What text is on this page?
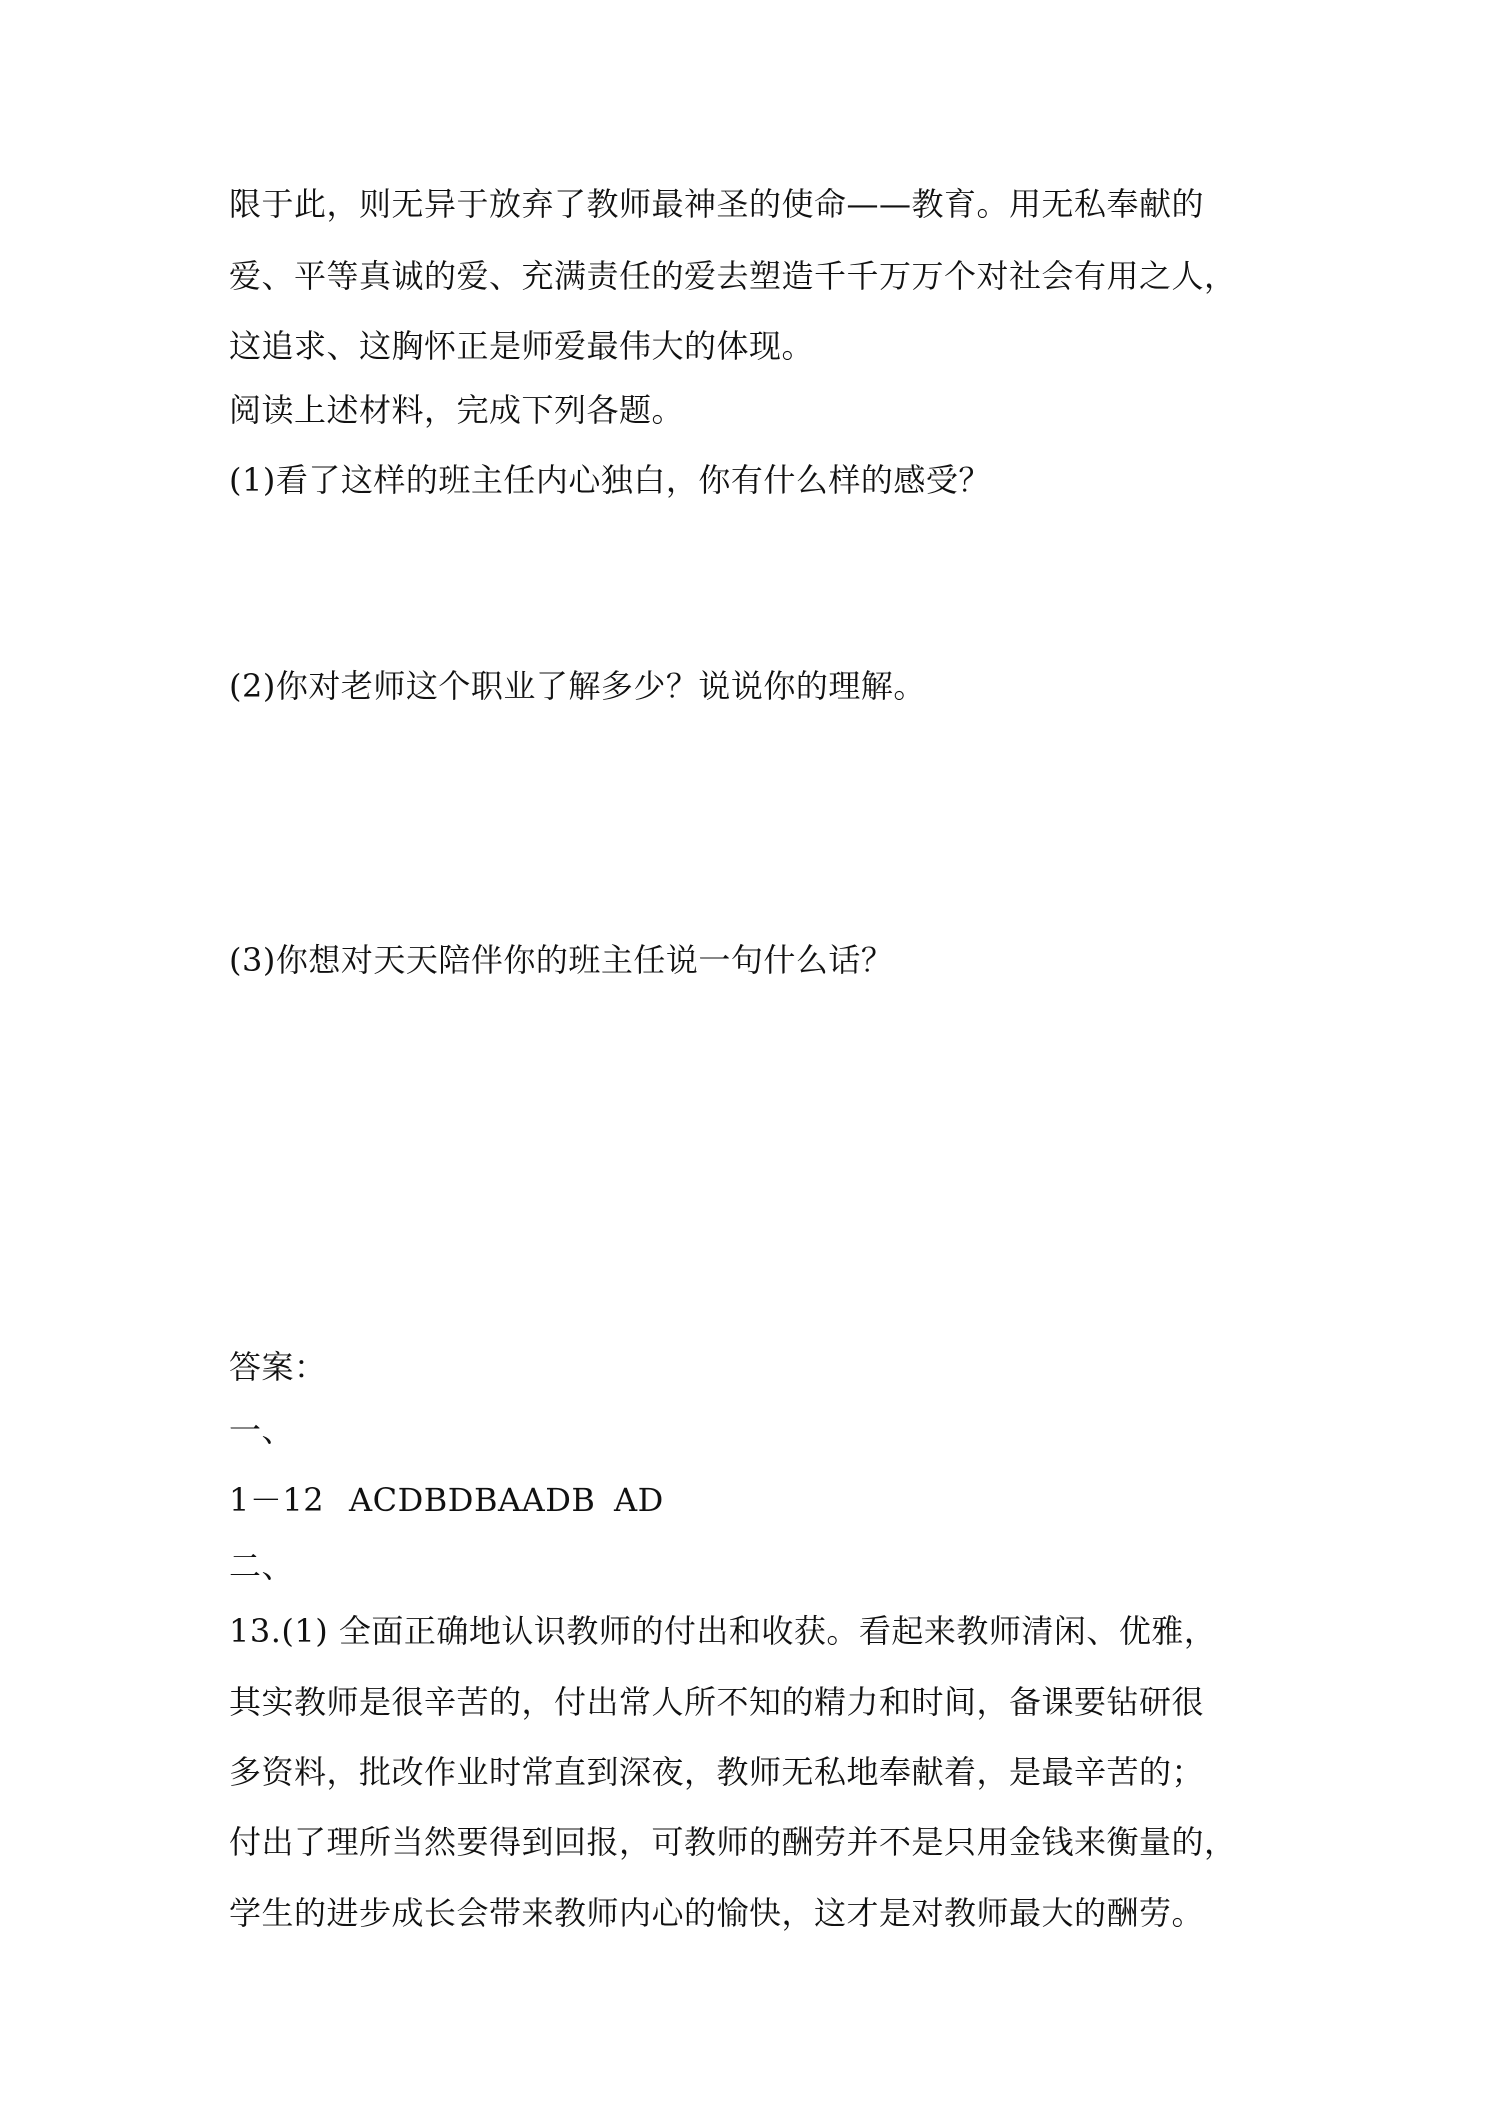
限于此，则无异于放弃了教师最神圣的使命——教育。用无私奉献的
爱、平等真诚的爱、充满责任的爱去塑造千千万万个对社会有用之人，
这追求、这胸怀正是师爱最伟大的体现。
阅读上述材料，完成下列各题。
(1)看了这样的班主任内心独白，你有什么样的感受？
(2)你对老师这个职业了解多少？说说你的理解。
(3)你想对天天陪伴你的班主任说一句什么话？
答案：
一、
1－12 ACDBDBAADB AD
二、
13.(1) 全面正确地认识教师的付出和收获。看起来教师清闲、优雅，
其实教师是很辛苦的，付出常人所不知的精力和时间，备课要钻研很
多资料，批改作业时常直到深夜，教师无私地奉献着，是最辛苦的；
付出了理所当然要得到回报，可教师的酬劳并不是只用金钱来衡量的，
学生的进步成长会带来教师内心的愉快，这才是对教师最大的酬劳。
